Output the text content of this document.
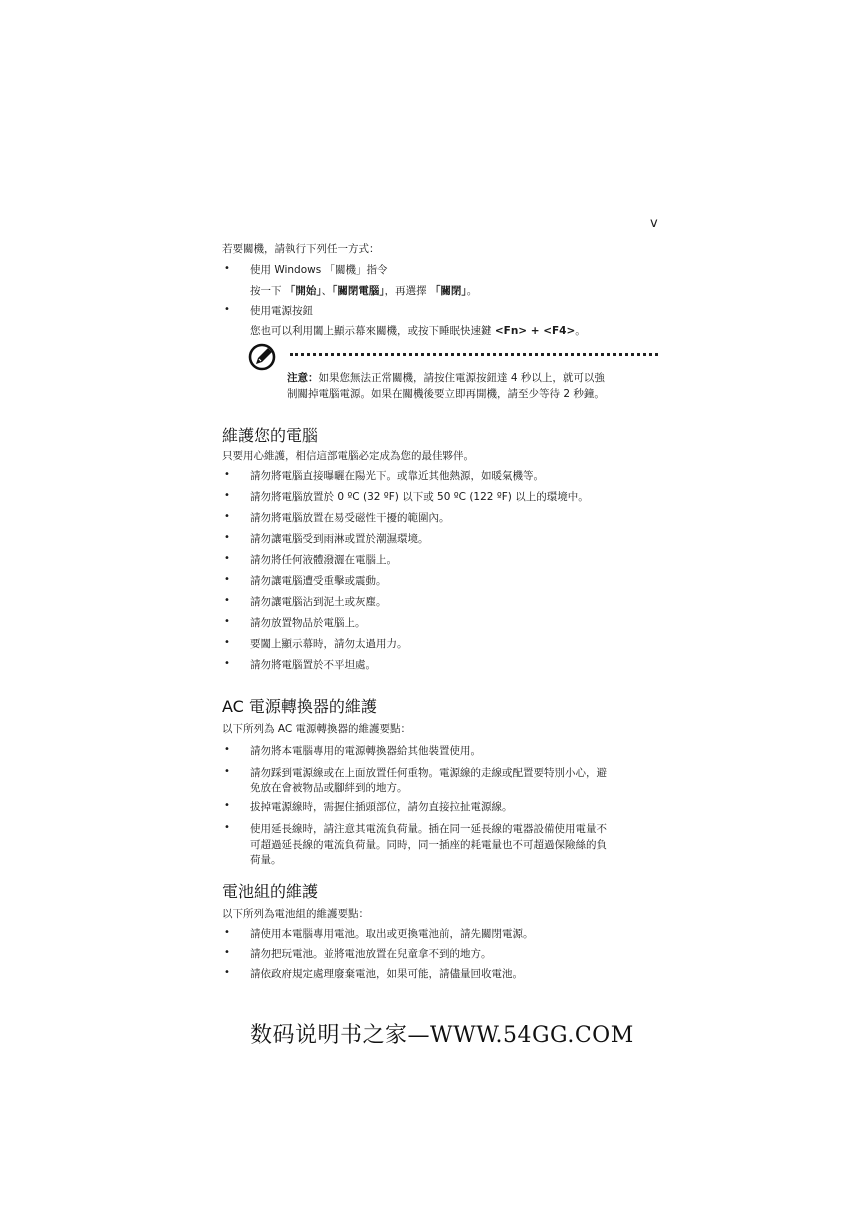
v
若要關機，請執行下列任一方式：
• 使用 Windows 「關機」指令
按一下 「開始」、「關閉電腦」，再選擇 「關閉」。
• 使用電源按鈕
您也可以利用闔上顯示幕來關機，或按下睡眠快速鍵 <Fn> + <F4>。
注意：如果您無法正常關機，請按住電源按鈕達 4 秒以上，就可以強
制關掉電腦電源。如果在關機後要立即再開機，請至少等待 2 秒鐘。
維護您的電腦
只要用心維護，相信這部電腦必定成為您的最佳夥伴。
• 請勿將電腦直接曝曬在陽光下。或靠近其他熱源，如暖氣機等。
• 請勿將電腦放置於 0 ºC (32 ºF) 以下或 50 ºC (122 ºF) 以上的環境中。
• 請勿將電腦放置在易受磁性干擾的範圍內。
• 請勿讓電腦受到雨淋或置於潮濕環境。
• 請勿將任何液體潑灑在電腦上。
• 請勿讓電腦遭受重擊或震動。
• 請勿讓電腦沾到泥土或灰塵。
• 請勿放置物品於電腦上。
• 要闔上顯示幕時，請勿太過用力。
• 請勿將電腦置於不平坦處。
AC 電源轉換器的維護
以下所列為 AC 電源轉換器的維護要點：
• 請勿將本電腦專用的電源轉換器給其他裝置使用。
• 請勿踩到電源線或在上面放置任何重物。電源線的走線或配置要特別小心，避
免放在會被物品或腳絆到的地方。
• 拔掉電源線時，需握住插頭部位，請勿直接拉扯電源線。
• 使用延長線時，請注意其電流負荷量。插在同一延長線的電器設備使用電量不
可超過延長線的電流負荷量。同時，同一插座的耗電量也不可超過保險絲的負
荷量。
電池組的維護
以下所列為電池組的維護要點：
• 請使用本電腦專用電池。取出或更換電池前，請先關閉電源。
• 請勿把玩電池。並將電池放置在兒童拿不到的地方。
• 請依政府規定處理廢棄電池，如果可能，請儘量回收電池。
数码说明书之家—WWW.54GG.COM
